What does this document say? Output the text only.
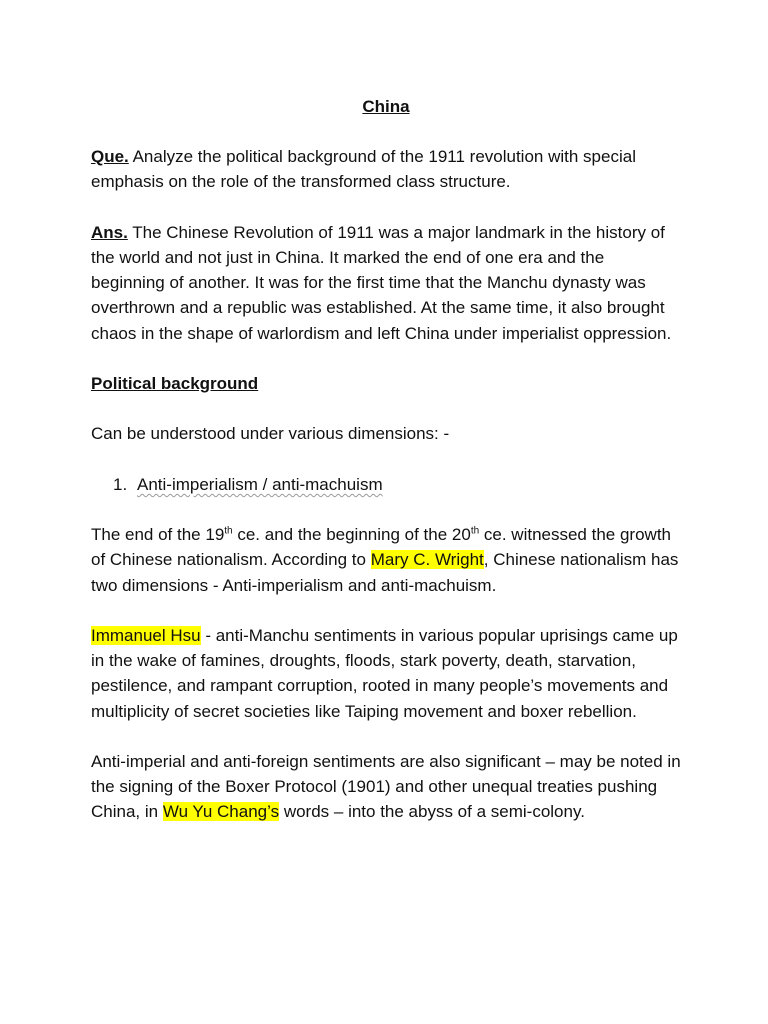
China

Que. Analyze the political background of the 1911 revolution with special emphasis on the role of the transformed class structure.

Ans. The Chinese Revolution of 1911 was a major landmark in the history of the world and not just in China. It marked the end of one era and the beginning of another. It was for the first time that the Manchu dynasty was overthrown and a republic was established. At the same time, it also brought chaos in the shape of warlordism and left China under imperialist oppression.

Political background

Can be understood under various dimensions: -

1. Anti-imperialism / anti-machuism

The end of the 19th ce. and the beginning of the 20th ce. witnessed the growth of Chinese nationalism. According to Mary C. Wright, Chinese nationalism has two dimensions - Anti-imperialism and anti-machuism.

Immanuel Hsu - anti-Manchu sentiments in various popular uprisings came up in the wake of famines, droughts, floods, stark poverty, death, starvation, pestilence, and rampant corruption, rooted in many people’s movements and multiplicity of secret societies like Taiping movement and boxer rebellion.

Anti-imperial and anti-foreign sentiments are also significant – may be noted in the signing of the Boxer Protocol (1901) and other unequal treaties pushing China, in Wu Yu Chang’s words – into the abyss of a semi-colony.
